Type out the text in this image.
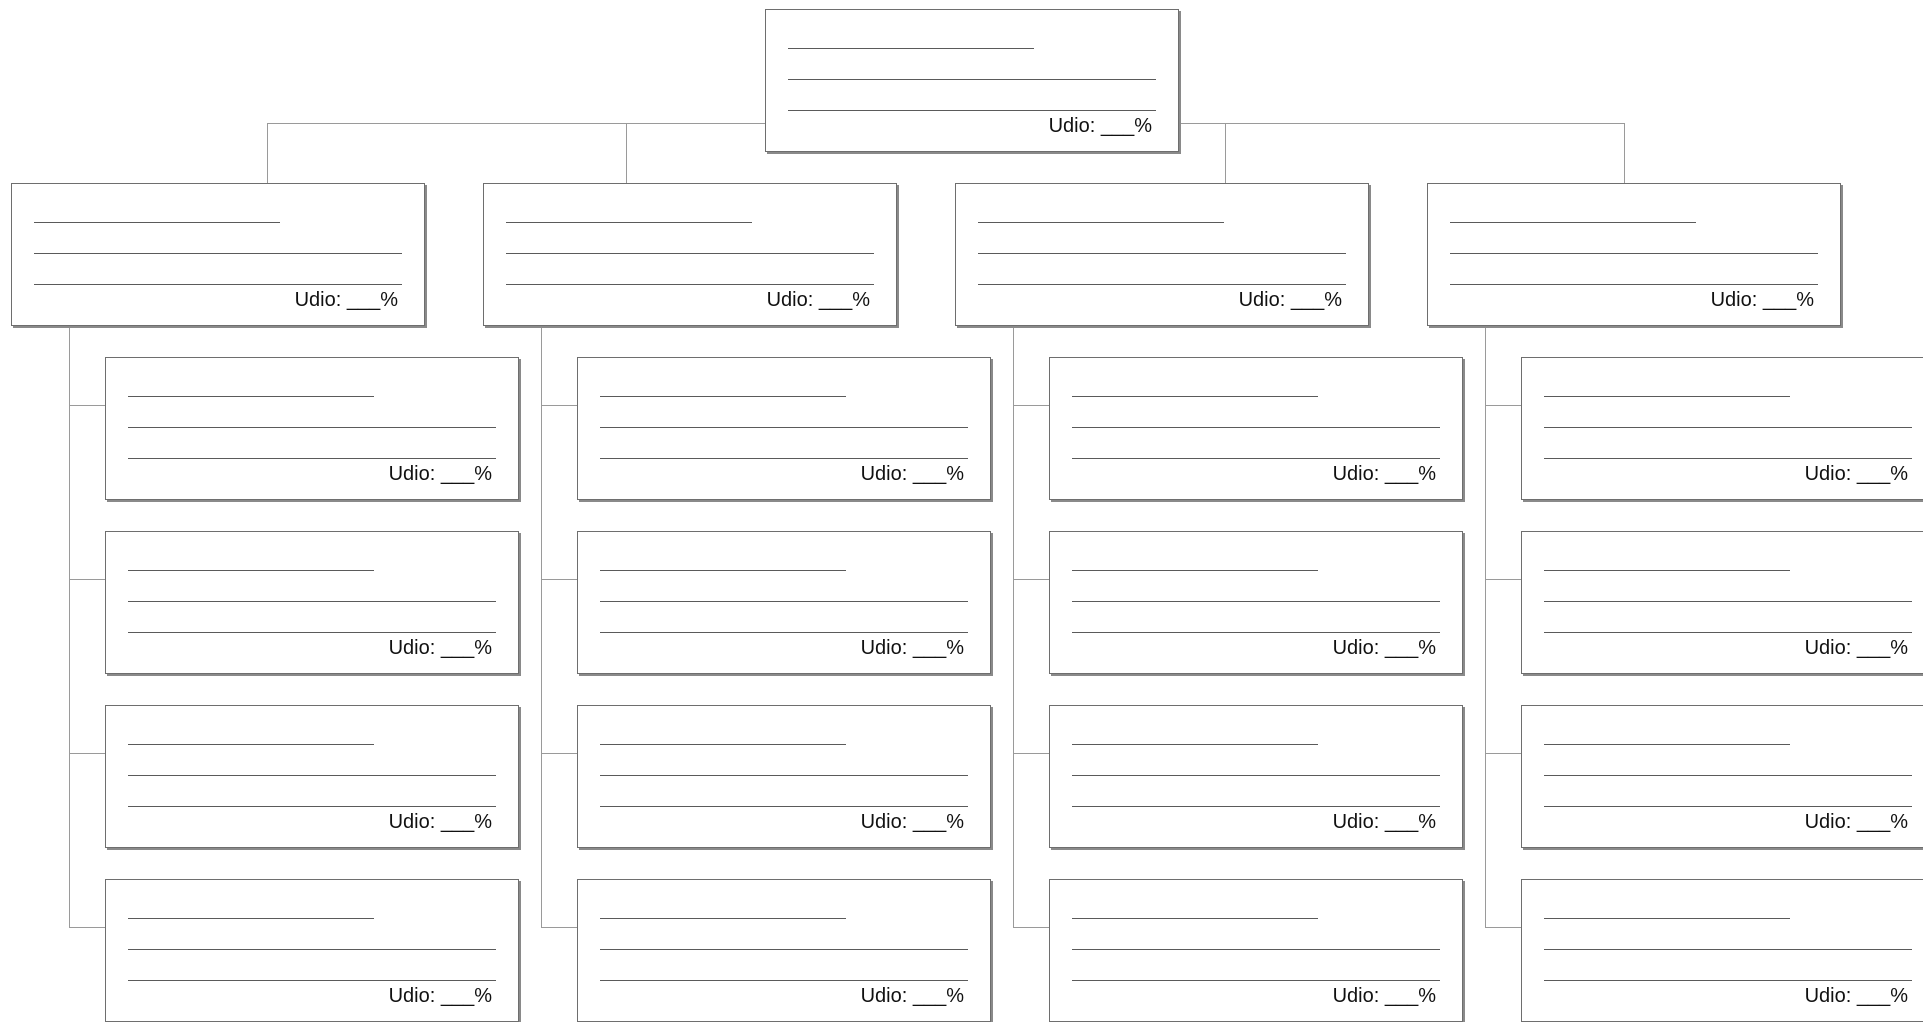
Udio: ___%
Udio: ___%
Udio: ___%
Udio: ___%
Udio: ___%
Udio: ___%
Udio: ___%
Udio: ___%
Udio: ___%
Udio: ___%
Udio: ___%
Udio: ___%
Udio: ___%
Udio: ___%
Udio: ___%
Udio: ___%
Udio: ___%
Udio: ___%
Udio: ___%
Udio: ___%
Udio: ___%
